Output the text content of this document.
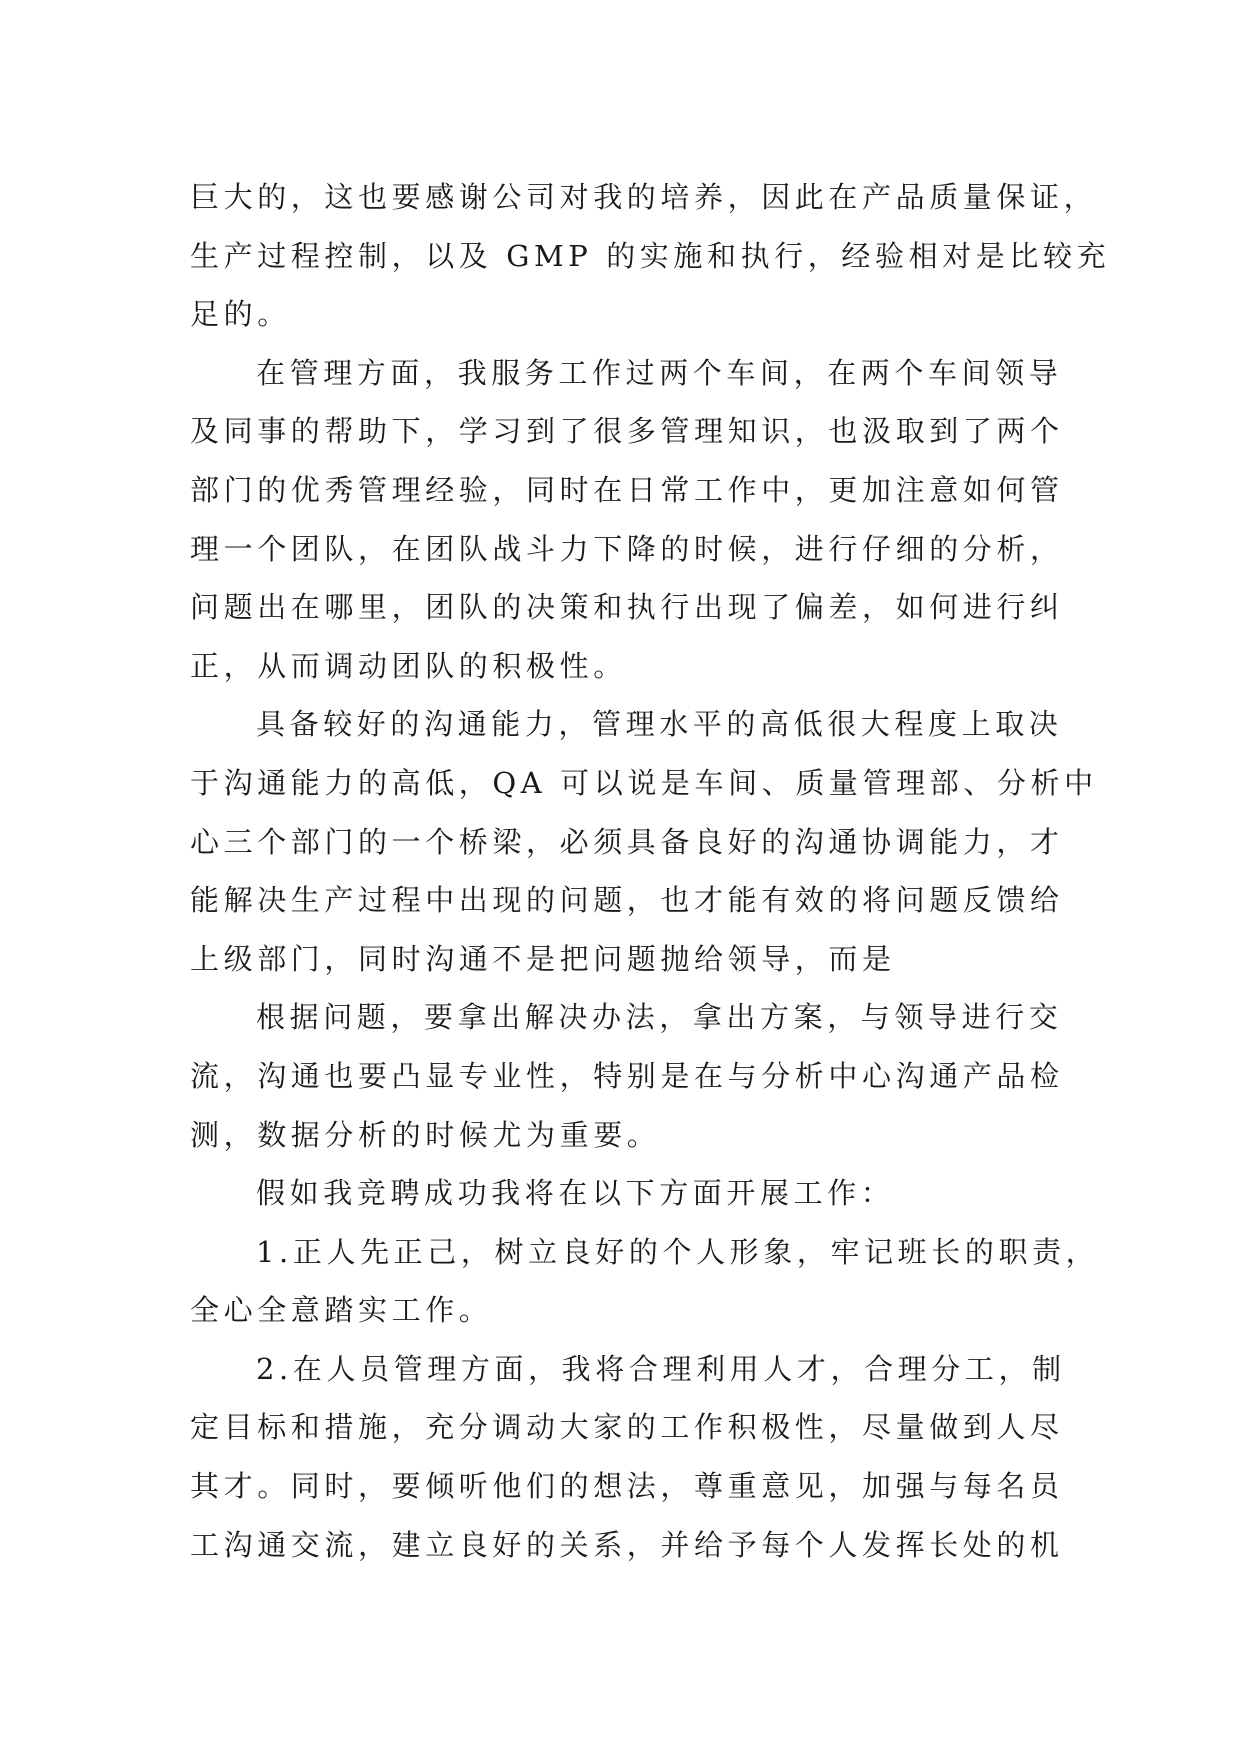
巨大的，这也要感谢公司对我的培养，因此在产品质量保证，
生产过程控制，以及 GMP 的实施和执行，经验相对是比较充
足的。
在管理方面，我服务工作过两个车间，在两个车间领导
及同事的帮助下，学习到了很多管理知识，也汲取到了两个
部门的优秀管理经验，同时在日常工作中，更加注意如何管
理一个团队，在团队战斗力下降的时候，进行仔细的分析，
问题出在哪里，团队的决策和执行出现了偏差，如何进行纠
正，从而调动团队的积极性。
具备较好的沟通能力，管理水平的高低很大程度上取决
于沟通能力的高低，QA 可以说是车间、质量管理部、分析中
心三个部门的一个桥梁，必须具备良好的沟通协调能力，才
能解决生产过程中出现的问题，也才能有效的将问题反馈给
上级部门，同时沟通不是把问题抛给领导，而是
根据问题，要拿出解决办法，拿出方案，与领导进行交
流，沟通也要凸显专业性，特别是在与分析中心沟通产品检
测，数据分析的时候尤为重要。
假如我竞聘成功我将在以下方面开展工作：
1.正人先正己，树立良好的个人形象，牢记班长的职责，
全心全意踏实工作。
2.在人员管理方面，我将合理利用人才，合理分工，制
定目标和措施，充分调动大家的工作积极性，尽量做到人尽
其才。同时，要倾听他们的想法，尊重意见，加强与每名员
工沟通交流，建立良好的关系，并给予每个人发挥长处的机
